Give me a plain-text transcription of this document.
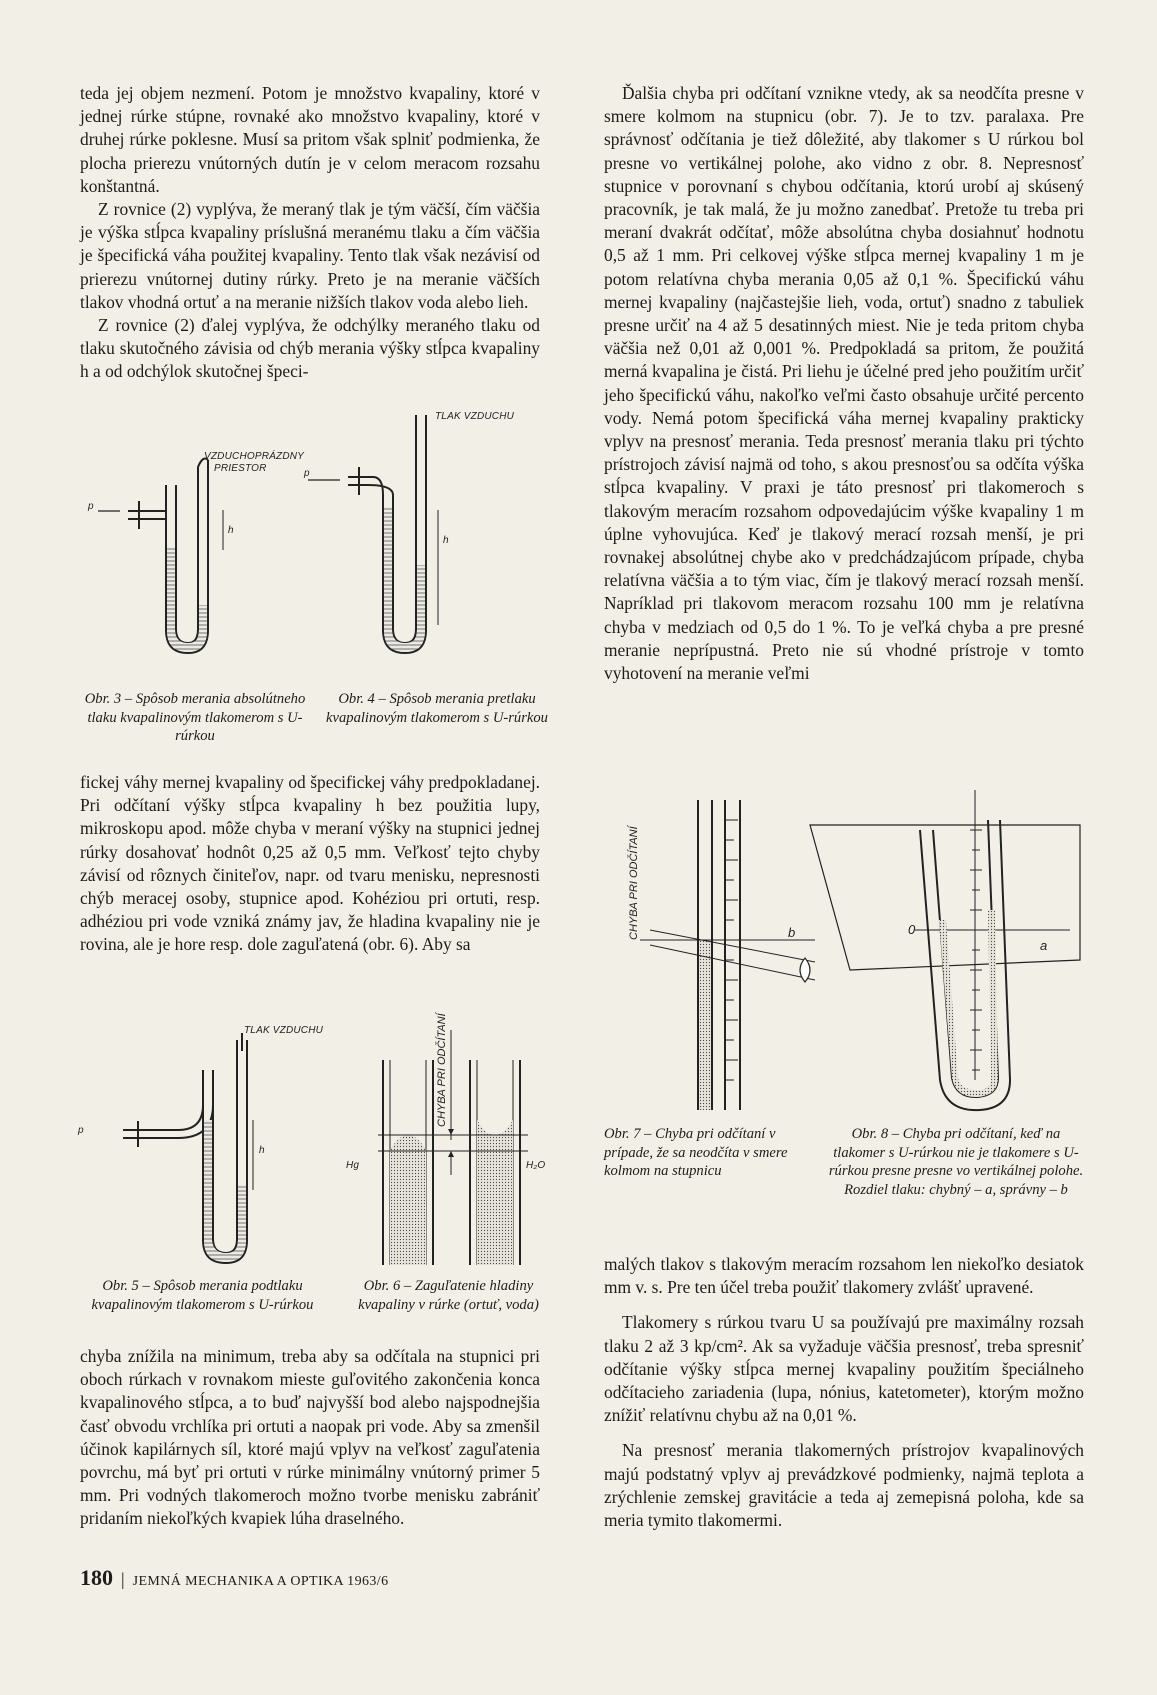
teda jej objem nezmení. Potom je množstvo kvapaliny, ktoré v jednej rúrke stúpne, rovnaké ako množstvo kvapaliny, ktoré v druhej rúrke poklesne. Musí sa pritom však splniť podmienka, že plocha prierezu vnútorných dutín je v celom meracom rozsahu konštantná.

Z rovnice (2) vyplýva, že meraný tlak je tým väčší, čím väčšia je výška stĺpca kvapaliny príslušná meranému tlaku a čím väčšia je špecifická váha použitej kvapaliny. Tento tlak však nezávisí od prierezu vnútornej dutiny rúrky. Preto je na meranie väčších tlakov vhodná ortuť a na meranie nižších tlakov voda alebo lieh.

Z rovnice (2) ďalej vyplýva, že odchýlky meraného tlaku od tlaku skutočného závisia od chýb merania výšky stĺpca kvapaliny h a od odchýlok skutočnej špeci-

TLAK VZDUCHU
VZDUCHOPRÁZDNY
PRIESTOR
p
h
p
h
Obr. 3 – Spôsob merania absolútneho tlaku kvapalinovým tlakomerom s U-rúrkou
Obr. 4 – Spôsob merania pretlaku kvapalinovým tlakomerom s U-rúrkou

fickej váhy mernej kvapaliny od špecifickej váhy predpokladanej. Pri odčítaní výšky stĺpca kvapaliny h bez použitia lupy, mikroskopu apod. môže chyba v meraní výšky na stupnici jednej rúrky dosahovať hodnôt 0,25 až 0,5 mm. Veľkosť tejto chyby závisí od rôznych činiteľov, napr. od tvaru menisku, nepresnosti chýb meracej osoby, stupnice apod. Kohéziou pri ortuti, resp. adhéziou pri vode vzniká známy jav, že hladina kvapaliny nie je rovina, ale je hore resp. dole zaguľatená (obr. 6). Aby sa

TLAK VZDUCHU
p
h
CHYBA PRI ODČÍTANÍ
Hg	H₂O
Obr. 5 – Spôsob merania podtlaku kvapalinovým tlakomerom s U-rúrkou
Obr. 6 – Zaguľatenie hladiny kvapaliny v rúrke (ortuť, voda)

chyba znížila na minimum, treba aby sa odčítala na stupnici pri oboch rúrkach v rovnakom mieste guľovitého zakončenia konca kvapalinového stĺpca, a to buď najvyšší bod alebo najspodnejšia časť obvodu vrchlíka pri ortuti a naopak pri vode. Aby sa zmenšil účinok kapilárnych síl, ktoré majú vplyv na veľkosť zaguľatenia povrchu, má byť pri ortuti v rúrke minimálny vnútorný primer 5 mm. Pri vodných tlakomeroch možno tvorbe menisku zabrániť pridaním niekoľkých kvapiek lúha draselného.

Ďalšia chyba pri odčítaní vznikne vtedy, ak sa neodčíta presne v smere kolmom na stupnicu (obr. 7). Je to tzv. paralaxa. Pre správnosť odčítania je tiež dôležité, aby tlakomer s U rúrkou bol presne vo vertikálnej polohe, ako vidno z obr. 8. Nepresnosť stupnice v porovnaní s chybou odčítania, ktorú urobí aj skúsený pracovník, je tak malá, že ju možno zanedbať. Pretože tu treba pri meraní dvakrát odčítať, môže absolútna chyba dosiahnuť hodnotu 0,5 až 1 mm. Pri celkovej výške stĺpca mernej kvapaliny 1 m je potom relatívna chyba merania 0,05 až 0,1 %. Špecifickú váhu mernej kvapaliny (najčastejšie lieh, voda, ortuť) snadno z tabuliek presne určiť na 4 až 5 desatinných miest. Nie je teda pritom chyba väčšia než 0,01 až 0,001 %. Predpokladá sa pritom, že použitá merná kvapalina je čistá. Pri liehu je účelné pred jeho použitím určiť jeho špecifickú váhu, nakoľko veľmi často obsahuje určité percento vody. Nemá potom špecifická váha mernej kvapaliny prakticky vplyv na presnosť merania. Teda presnosť merania tlaku pri týchto prístrojoch závisí najmä od toho, s akou presnosťou sa odčíta výška stĺpca kvapaliny. V praxi je táto presnosť pri tlakomeroch s tlakovým meracím rozsahom odpovedajúcim výške kvapaliny 1 m úplne vyhovujúca. Keď je tlakový merací rozsah menší, je pri rovnakej absolútnej chybe ako v predchádzajúcom prípade, chyba relatívna väčšia a to tým viac, čím je tlakový merací rozsah menší. Napríklad pri tlakovom meracom rozsahu 100 mm je relatívna chyba v medziach od 0,5 do 1 %. To je veľká chyba a pre presné meranie neprípustná. Preto nie sú vhodné prístroje v tomto vyhotovení na meranie veľmi

CHYBA PRI ODČÍTANÍ	b	0
a
Obr. 7 – Chyba pri odčítaní v prípade, že sa neodčíta v smere kolmom na stupnicu
Obr. 8 – Chyba pri odčítaní, keď na tlakomer s U-rúrkou nie je tlakomere s U-rúrkou presne presne vo vertikálnej polohe. Rozdiel tlaku: chybný – a, správny – b

malých tlakov s tlakovým meracím rozsahom len niekoľko desiatok mm v. s. Pre ten účel treba použiť tlakomery zvlášť upravené.

Tlakomery s rúrkou tvaru U sa používajú pre maximálny rozsah tlaku 2 až 3 kp/cm². Ak sa vyžaduje väčšia presnosť, treba spresniť odčítanie výšky stĺpca mernej kvapaliny použitím špeciálneho odčítacieho zariadenia (lupa, nónius, katetometer), ktorým možno znížiť relatívnu chybu až na 0,01 %.

Na presnosť merania tlakomerných prístrojov kvapalinových majú podstatný vplyv aj prevádzkové podmienky, najmä teplota a zrýchlenie zemskej gravitácie a teda aj zemepisná poloha, kde sa meria tymito tlakomermi.

180 | JEMNÁ MECHANIKA A OPTIKA 1963/6
